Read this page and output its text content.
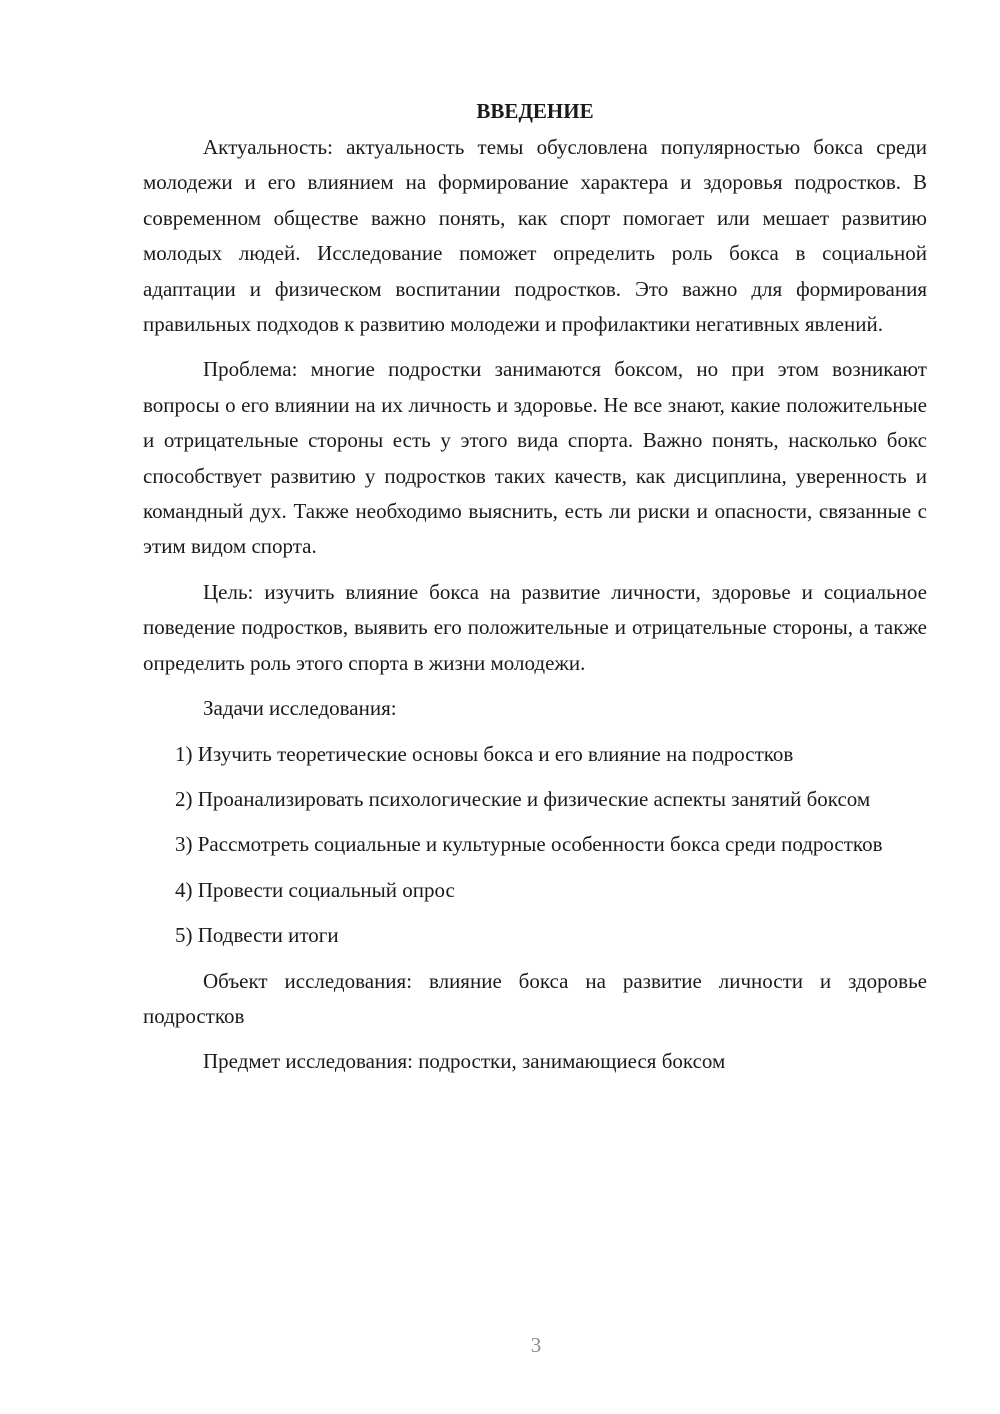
ВВЕДЕНИЕ

Актуальность: актуальность темы обусловлена популярностью бокса среди молодежи и его влиянием на формирование характера и здоровья подростков. В современном обществе важно понять, как спорт помогает или мешает развитию молодых людей. Исследование поможет определить роль бокса в социальной адаптации и физическом воспитании подростков. Это важно для формирования правильных подходов к развитию молодежи и профилактики негативных явлений.

Проблема: многие подростки занимаются боксом, но при этом возникают вопросы о его влиянии на их личность и здоровье. Не все знают, какие положительные и отрицательные стороны есть у этого вида спорта. Важно понять, насколько бокс способствует развитию у подростков таких качеств, как дисциплина, уверенность и командный дух. Также необходимо выяснить, есть ли риски и опасности, связанные с этим видом спорта.

Цель: изучить влияние бокса на развитие личности, здоровье и социальное поведение подростков, выявить его положительные и отрицательные стороны, а также определить роль этого спорта в жизни молодежи.

Задачи исследования:

1) Изучить теоретические основы бокса и его влияние на подростков

2) Проанализировать психологические и физические аспекты занятий боксом

3) Рассмотреть социальные и культурные особенности бокса среди подростков

4) Провести социальный опрос

5) Подвести итоги

Объект исследования: влияние бокса на развитие личности и здоровье подростков

Предмет исследования: подростки, занимающиеся боксом

3
